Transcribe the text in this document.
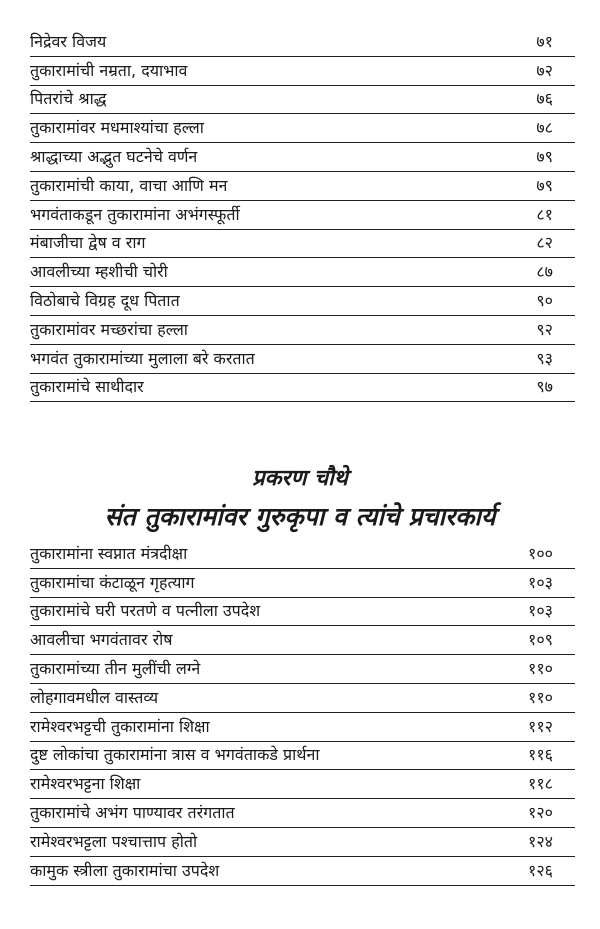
निद्रेवर विजय	७१
तुकारामांची नम्रता, दयाभाव	७२
पितरांचे श्राद्ध	७६
तुकारामांवर मधमाश्यांचा हल्ला	७८
श्राद्धाच्या अद्भुत घटनेचे वर्णन	७९
तुकारामांची काया, वाचा आणि मन	७९
भगवंताकडून तुकारामांना अभंगस्फूर्ती	८१
मंबाजीचा द्वेष व राग	८२
आवलीच्या म्हशीची चोरी	८७
विठोबाचे विग्रह दूध पितात	९०
तुकारामांवर मच्छरांचा हल्ला	९२
भगवंत तुकारामांच्या मुलाला बरे करतात	९३
तुकारामांचे साथीदार	९७
प्रकरण चौथे
संत तुकारामांवर गुरुकृपा व त्यांचे प्रचारकार्य
तुकारामांना स्वप्नात मंत्रदीक्षा	१००
तुकारामांचा कंटाळून गृहत्याग	१०३
तुकारामांचे घरी परतणे व पत्नीला उपदेश	१०३
आवलीचा भगवंतावर रोष	१०९
तुकारामांच्या तीन मुलींची लग्ने	११०
लोहगावमधील वास्तव्य	११०
रामेश्वरभट्टची तुकारामांना शिक्षा	११२
दुष्ट लोकांचा तुकारामांना त्रास व भगवंताकडे प्रार्थना	११६
रामेश्वरभट्टना शिक्षा	११८
तुकारामांचे अभंग पाण्यावर तरंगतात	१२०
रामेश्वरभट्टला पश्चात्ताप होतो	१२४
कामुक स्त्रीला तुकारामांचा उपदेश	१२६
